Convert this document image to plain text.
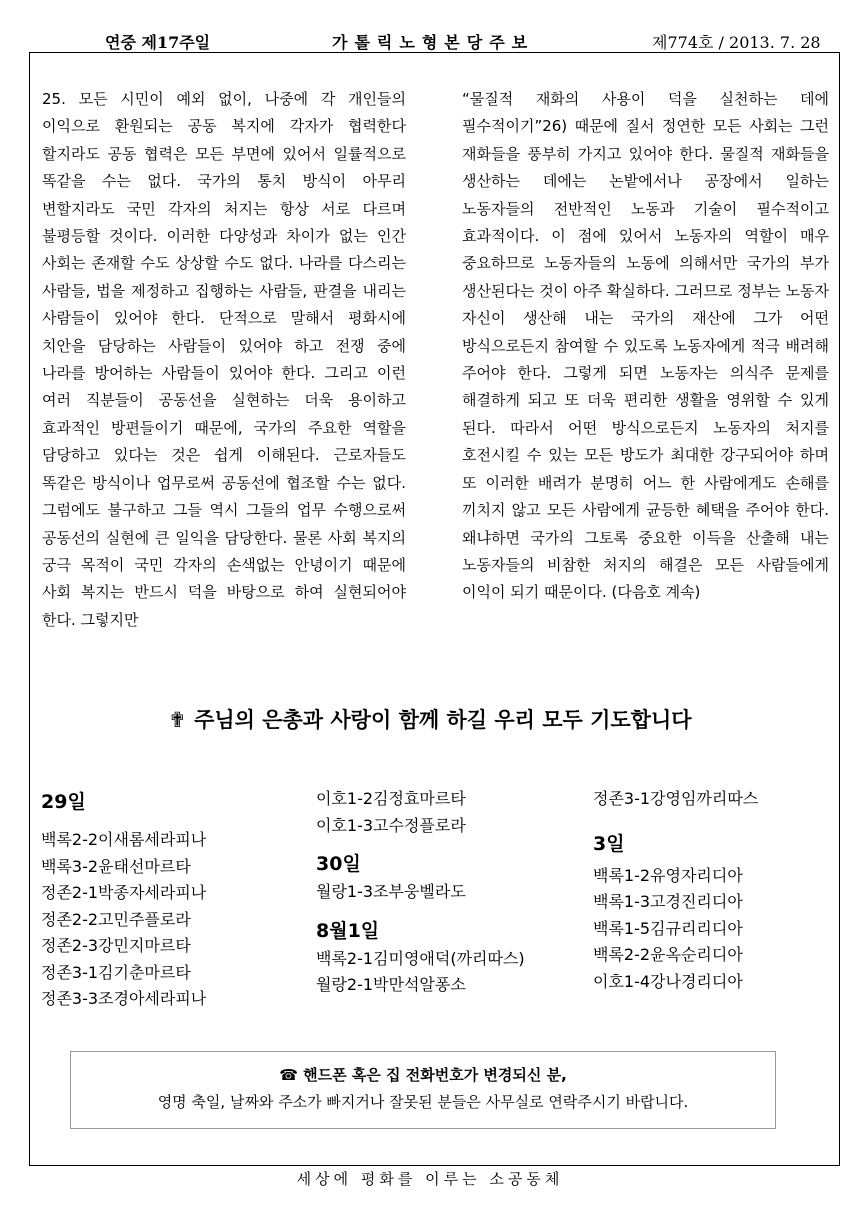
연중 제17주일	가톨릭노형본당주보	제774호 / 2013. 7. 28

25. 모든 시민이 예외 없이, 나중에 각 개인들의 이익으로 환원되는 공동 복지에 각자가 협력한다 할지라도 공동 협력은 모든 부면에 있어서 일률적으로 똑같을 수는 없다. 국가의 통치 방식이 아무리 변할지라도 국민 각자의 처지는 항상 서로 다르며 불평등할 것이다. 이러한 다양성과 차이가 없는 인간 사회는 존재할 수도 상상할 수도 없다. 나라를 다스리는 사람들, 법을 제정하고 집행하는 사람들, 판결을 내리는 사람들이 있어야 한다. 단적으로 말해서 평화시에 치안을 담당하는 사람들이 있어야 하고 전쟁 중에 나라를 방어하는 사람들이 있어야 한다. 그리고 이런 여러 직분들이 공동선을 실현하는 더욱 용이하고 효과적인 방편들이기 때문에, 국가의 주요한 역할을 담당하고 있다는 것은 쉽게 이해된다. 근로자들도 똑같은 방식이나 업무로써 공동선에 협조할 수는 없다. 그럼에도 불구하고 그들 역시 그들의 업무 수행으로써 공동선의 실현에 큰 일익을 담당한다. 물론 사회 복지의 궁극 목적이 국민 각자의 손색없는 안녕이기 때문에 사회 복지는 반드시 덕을 바탕으로 하여 실현되어야 한다. 그렇지만

“물질적 재화의 사용이 덕을 실천하는 데에 필수적이기”26) 때문에 질서 정연한 모든 사회는 그런 재화들을 풍부히 가지고 있어야 한다. 물질적 재화들을 생산하는 데에는 논밭에서나 공장에서 일하는 노동자들의 전반적인 노동과 기술이 필수적이고 효과적이다. 이 점에 있어서 노동자의 역할이 매우 중요하므로 노동자들의 노동에 의해서만 국가의 부가 생산된다는 것이 아주 확실하다. 그러므로 정부는 노동자 자신이 생산해 내는 국가의 재산에 그가 어떤 방식으로든지 참여할 수 있도록 노동자에게 적극 배려해 주어야 한다. 그렇게 되면 노동자는 의식주 문제를 해결하게 되고 또 더욱 편리한 생활을 영위할 수 있게 된다. 따라서 어떤 방식으로든지 노동자의 처지를 호전시킬 수 있는 모든 방도가 최대한 강구되어야 하며 또 이러한 배려가 분명히 어느 한 사람에게도 손해를 끼치지 않고 모든 사람에게 균등한 혜택을 주어야 한다. 왜냐하면 국가의 그토록 중요한 이득을 산출해 내는 노동자들의 비참한 처지의 해결은 모든 사람들에게 이익이 되기 때문이다. (다음호 계속)

✟ 주님의 은총과 사랑이 함께 하길 우리 모두 기도합니다
29일
백록2-2이새롬세라피나
백록3-2윤태선마르타
정존2-1박종자세라피나
정존2-2고민주플로라
정존2-3강민지마르타
정존3-1김기춘마르타
정존3-3조경아세라피나
이호1-2김정효마르타
이호1-3고수정플로라
30일
월랑1-3조부웅벨라도
8월1일
백록2-1김미영애덕(까리따스)
월랑2-1박만석알퐁소
정존3-1강영임까리따스
3일
백록1-2유영자리디아
백록1-3고경진리디아
백록1-5김규리리디아
백록2-2윤옥순리디아
이호1-4강나경리디아
☎ 핸드폰 혹은 집 전화번호가 변경되신 분,
영명 축일, 날짜와 주소가 빠지거나 잘못된 분들은 사무실로 연락주시기 바랍니다.
세상에 평화를 이루는 소공동체
